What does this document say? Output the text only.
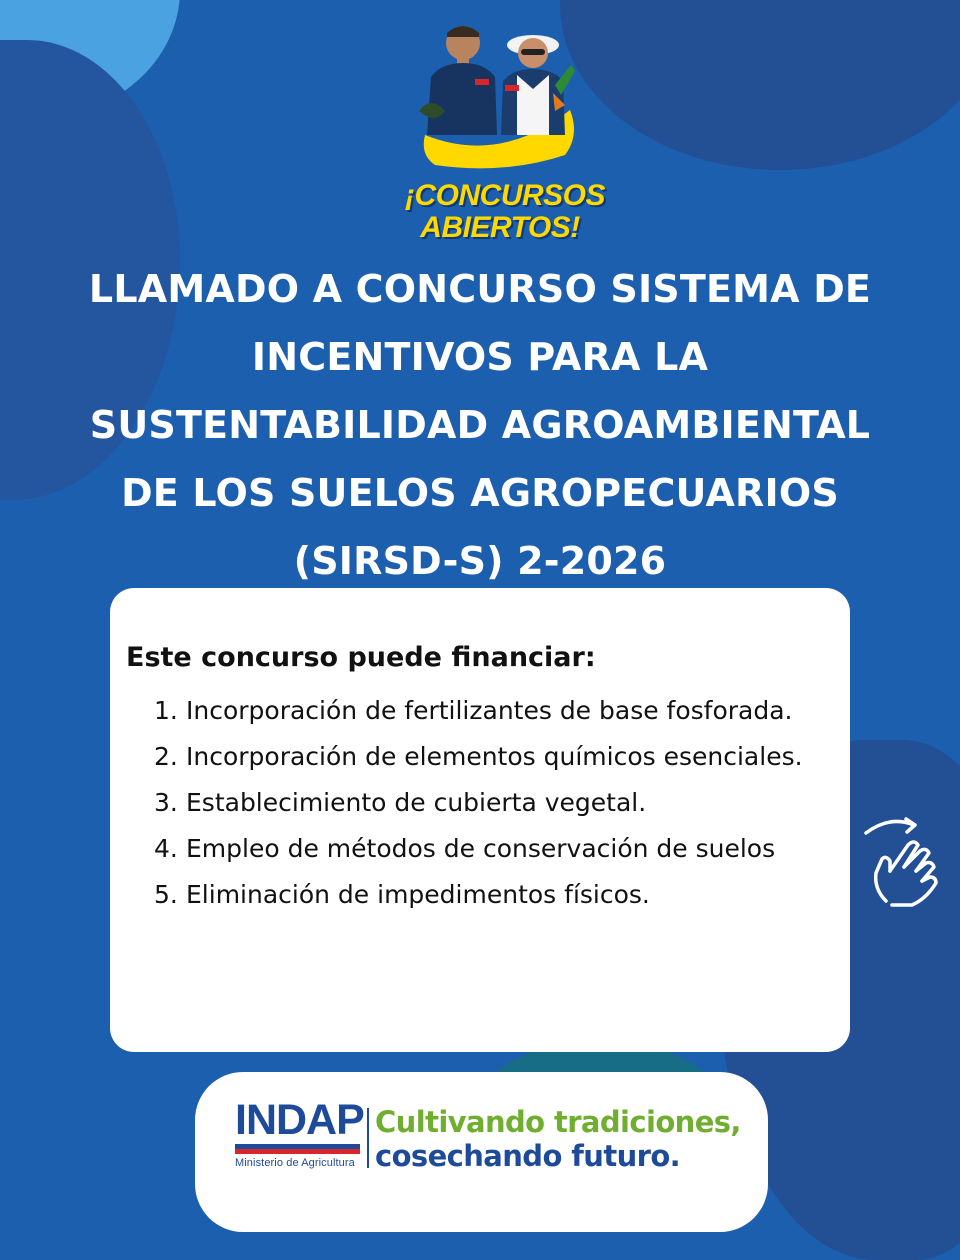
¡CONCURSOS
ABIERTOS!
LLAMADO A CONCURSO SISTEMA DE
INCENTIVOS PARA LA
SUSTENTABILIDAD AGROAMBIENTAL
DE LOS SUELOS AGROPECUARIOS
(SIRSD-S) 2-2026
Este concurso puede financiar:
1. Incorporación de fertilizantes de base fosforada.
2. Incorporación de elementos químicos esenciales.
3. Establecimiento de cubierta vegetal.
4. Empleo de métodos de conservación de suelos
5. Eliminación de impedimentos físicos.
INDAP
Ministerio de Agricultura
Cultivando tradiciones,
cosechando futuro.
